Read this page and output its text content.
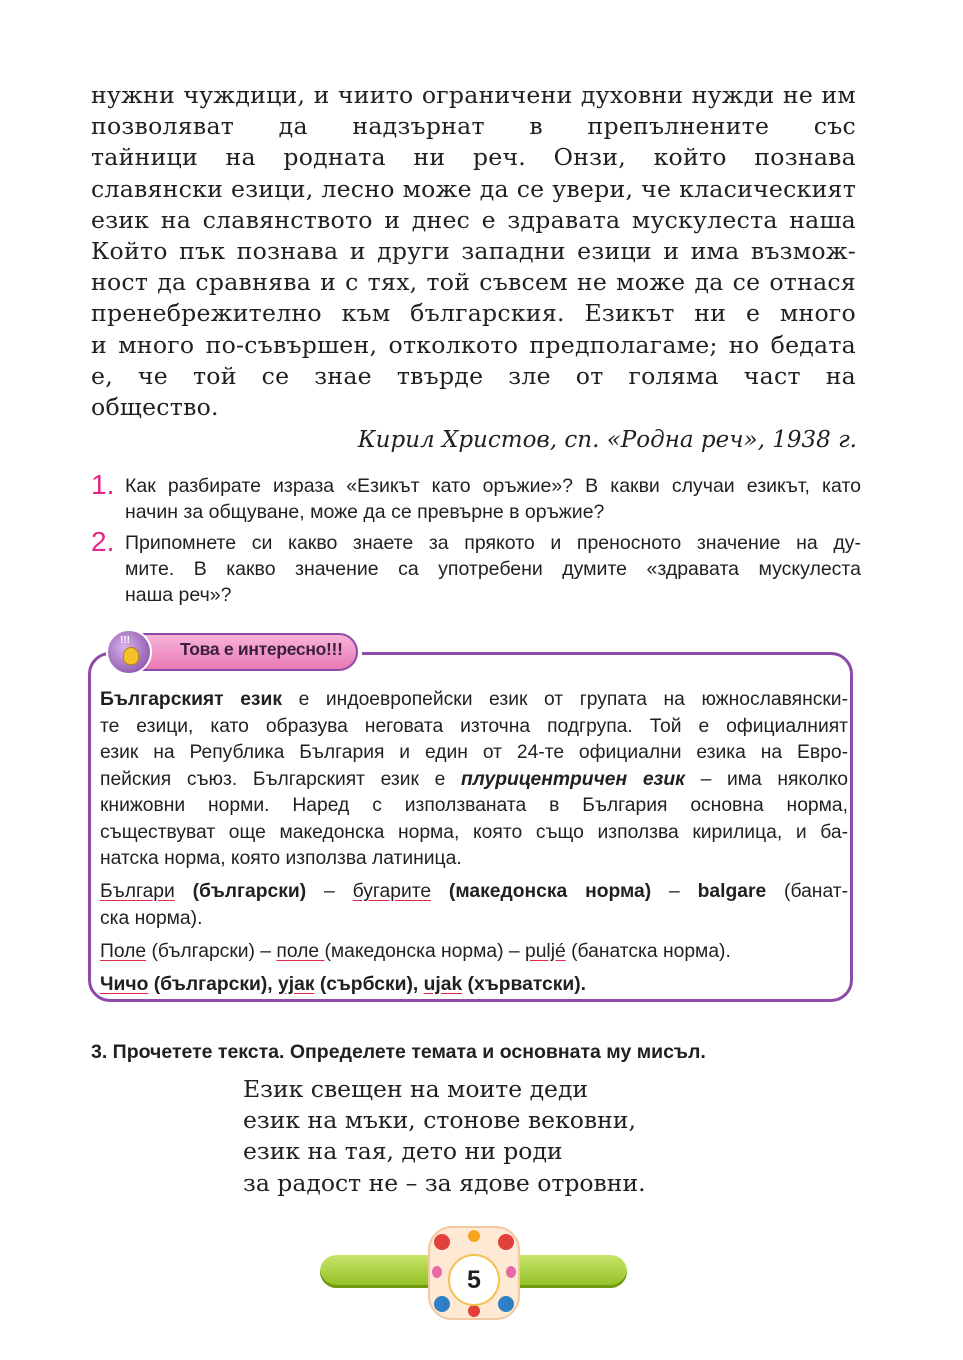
нужни чуждици, и чиито ограничени духовни нужди не им
позволяват да надзърнат в препълнените със
тайници на родната ни реч. Онзи, който познава
славянски езици, лесно може да се увери, че класическият
език на славянството и днес е здравата мускулеста наша
Който пък познава и други западни езици и има възмож-
ност да сравнява и с тях, той съвсем не може да се отнася
пренебрежително към българския. Езикът ни е много
и много по-съвършен, отколкото предполагаме; но бедата
е, че той се знае твърде зле от голяма част на
общество.
Кирил Христов, сп. «Родна реч», 1938 г.
1. Как разбирате израза «Езикът като оръжие»? В какви случаи езикът, като
начин за общуване, може да се превърне в оръжие?
2. Припомнете си какво знаете за прякото и преносното значение на ду-
мите. В какво значение са употребени думите «здравата мускулеста
наша реч»?
!!!	Това е интересно!!!
Българският език е индоевропейски език от групата на южнославянски-
те езици, като образува неговата източна подгрупа. Той е официалният
език на Република България и един от 24-те официални езика на Евро-
пейския съюз. Българският език е плурицентричен език – има няколко
книжовни норми. Наред с използваната в България основна норма,
съществуват още македонска норма, която също използва кирилица, и ба-
натска норма, която използва латиница.
Българи (български) – бугарите (македонска норма) – balgare (банат-
ска норма).
Поле (български) – поле (македонска норма) – puljé (банатска норма).
Чичо (български), ујак (сърбски), ujak (хърватски).
3. Прочетете текста. Определете темата и основната му мисъл.
Език свещен на моите деди
език на мъки, стонове вековни,
език на тая, дето ни роди
за радост не – за ядове отровни.
5
